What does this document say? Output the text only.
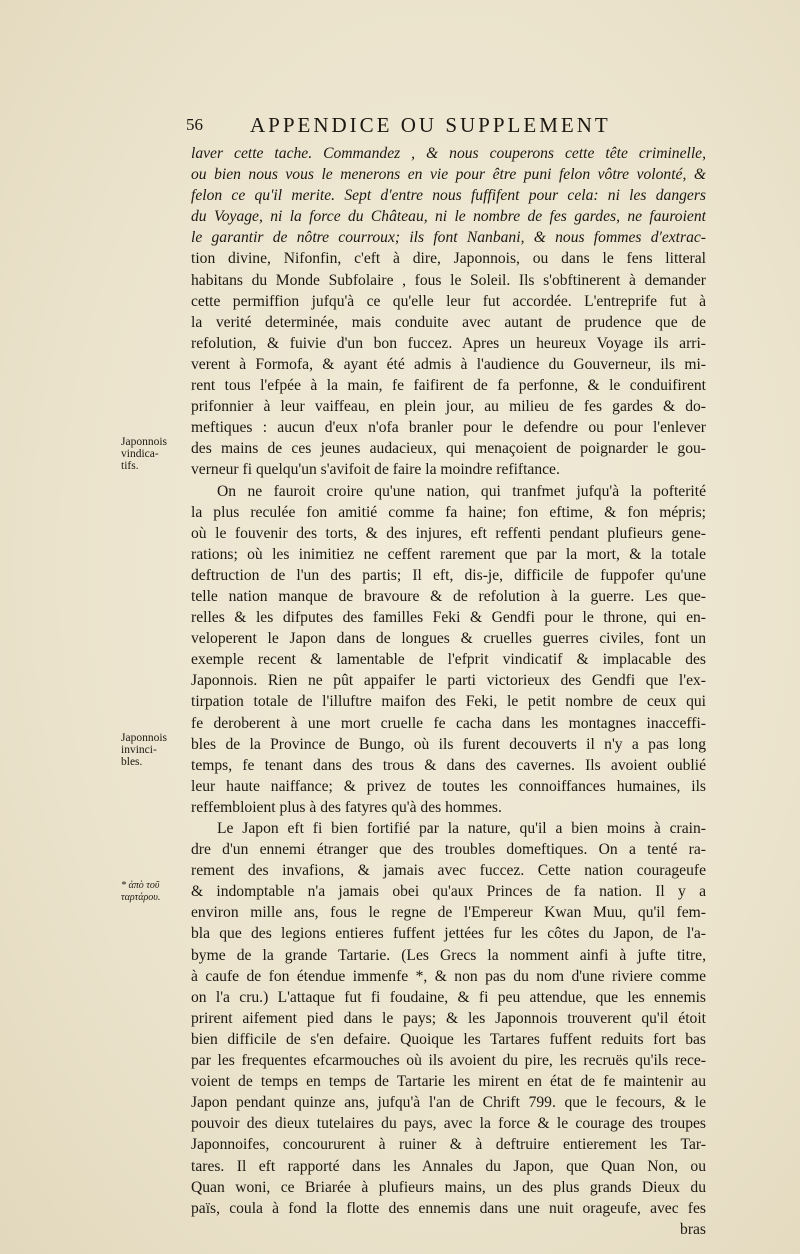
56 APPENDICE OU SUPPLEMENT
Japonnois
vindica-
tifs.
Japonnois
invinci-
bles.
* ἀπὸ τοῦ
ταρτάρου.
laver cette tache. Commandez , & nous couperons cette tête criminelle,
ou bien nous vous le menerons en vie pour être puni felon vôtre volonté, &
felon ce qu'il merite. Sept d'entre nous fuffifent pour cela: ni les dangers
du Voyage, ni la force du Château, ni le nombre de fes gardes, ne fauroient
le garantir de nôtre courroux; ils font Nanbani, & nous fommes d'extrac-
tion divine, Nifonfin, c'eft à dire, Japonnois, ou dans le fens litteral
habitans du Monde Subfolaire , fous le Soleil. Ils s'obftinerent à demander
cette permiffion jufqu'à ce qu'elle leur fut accordée. L'entreprife fut à
la verité determinée, mais conduite avec autant de prudence que de
refolution, & fuivie d'un bon fuccez. Apres un heureux Voyage ils arri-
verent à Formofa, & ayant été admis à l'audience du Gouverneur, ils mi-
rent tous l'efpée à la main, fe faifirent de fa perfonne, & le conduifirent
prifonnier à leur vaiffeau, en plein jour, au milieu de fes gardes & do-
meftiques : aucun d'eux n'ofa branler pour le defendre ou pour l'enlever
des mains de ces jeunes audacieux, qui menaçoient de poignarder le gou-
verneur fi quelqu'un s'avifoit de faire la moindre refiftance.
On ne fauroit croire qu'une nation, qui tranfmet jufqu'à la pofterité
la plus reculée fon amitié comme fa haine; fon eftime, & fon mépris;
où le fouvenir des torts, & des injures, eft reffenti pendant plufieurs gene-
rations; où les inimitiez ne ceffent rarement que par la mort, & la totale
deftruction de l'un des partis; Il eft, dis-je, difficile de fuppofer qu'une
telle nation manque de bravoure & de refolution à la guerre. Les que-
relles & les difputes des familles Feki & Gendfi pour le throne, qui en-
veloperent le Japon dans de longues & cruelles guerres civiles, font un
exemple recent & lamentable de l'efprit vindicatif & implacable des
Japonnois. Rien ne pût appaifer le parti victorieux des Gendfi que l'ex-
tirpation totale de l'illuftre maifon des Feki, le petit nombre de ceux qui
fe deroberent à une mort cruelle fe cacha dans les montagnes inacceffi-
bles de la Province de Bungo, où ils furent decouverts il n'y a pas long
temps, fe tenant dans des trous & dans des cavernes. Ils avoient oublié
leur haute naiffance; & privez de toutes les connoiffances humaines, ils
reffembloient plus à des fatyres qu'à des hommes.
Le Japon eft fi bien fortifié par la nature, qu'il a bien moins à crain-
dre d'un ennemi étranger que des troubles domeftiques. On a tenté ra-
rement des invafions, & jamais avec fuccez. Cette nation courageufe
& indomptable n'a jamais obei qu'aux Princes de fa nation. Il y a
environ mille ans, fous le regne de l'Empereur Kwan Muu, qu'il fem-
bla que des legions entieres fuffent jettées fur les côtes du Japon, de l'a-
byme de la grande Tartarie. (Les Grecs la nomment ainfi à jufte titre,
à caufe de fon étendue immenfe *, & non pas du nom d'une riviere comme
on l'a cru.) L'attaque fut fi foudaine, & fi peu attendue, que les ennemis
prirent aifement pied dans le pays; & les Japonnois trouverent qu'il étoit
bien difficile de s'en defaire. Quoique les Tartares fuffent reduits fort bas
par les frequentes efcarmouches où ils avoient du pire, les recruës qu'ils rece-
voient de temps en temps de Tartarie les mirent en état de fe maintenir au
Japon pendant quinze ans, jufqu'à l'an de Chrift 799. que le fecours, & le
pouvoir des dieux tutelaires du pays, avec la force & le courage des troupes
Japonnoifes, concoururent à ruiner & à deftruire entierement les Tar-
tares. Il eft rapporté dans les Annales du Japon, que Quan Non, ou
Quan woni, ce Briarée à plufieurs mains, un des plus grands Dieux du
païs, coula à fond la flotte des ennemis dans une nuit orageufe, avec fes
bras
